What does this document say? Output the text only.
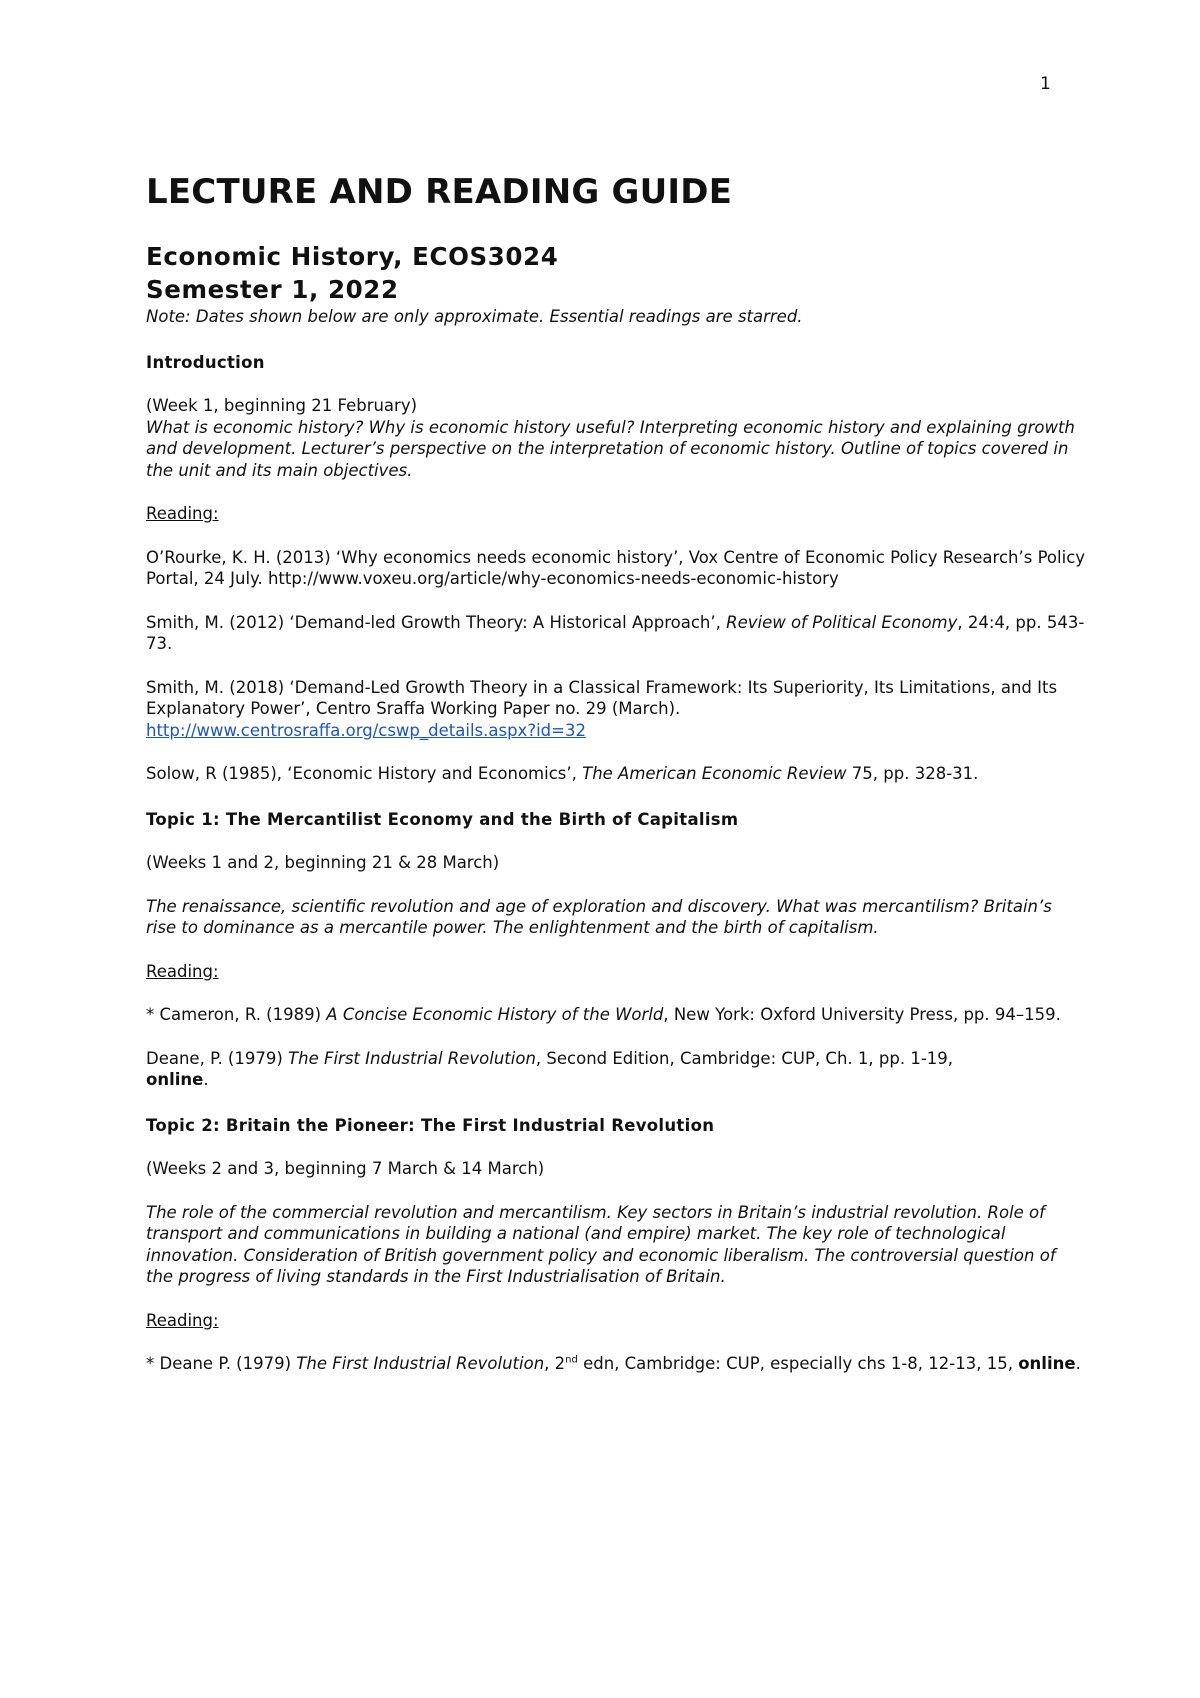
1
LECTURE AND READING GUIDE
Economic History, ECOS3024
Semester 1, 2022

Note: Dates shown below are only approximate. Essential readings are starred.

Introduction

(Week 1, beginning 21 February)

What is economic history? Why is economic history useful? Interpreting economic history and explaining growth and development. Lecturer’s perspective on the interpretation of economic history. Outline of topics covered in the unit and its main objectives.

Reading:

O’Rourke, K. H. (2013) ‘Why economics needs economic history’, Vox Centre of Economic Policy Research’s Policy Portal, 24 July. http://www.voxeu.org/article/why-economics-needs-economic-history

Smith, M. (2012) ‘Demand-led Growth Theory: A Historical Approach’, Review of Political Economy, 24:4, pp. 543-73.

Smith, M. (2018) ‘Demand-Led Growth Theory in a Classical Framework: Its Superiority, Its Limitations, and Its Explanatory Power’, Centro Sraffa Working Paper no. 29 (March).
http://www.centrosraffa.org/cswp_details.aspx?id=32

Solow, R (1985), ‘Economic History and Economics’, The American Economic Review 75, pp. 328-31.

Topic 1: The Mercantilist Economy and the Birth of Capitalism

(Weeks 1 and 2, beginning 21 & 28 March)

The renaissance, scientific revolution and age of exploration and discovery. What was mercantilism? Britain’s rise to dominance as a mercantile power. The enlightenment and the birth of capitalism.

Reading:

* Cameron, R. (1989) A Concise Economic History of the World, New York: Oxford University Press, pp. 94–159.

Deane, P. (1979) The First Industrial Revolution, Second Edition, Cambridge: CUP, Ch. 1, pp. 1-19,
online.

Topic 2: Britain the Pioneer: The First Industrial Revolution

(Weeks 2 and 3, beginning 7 March & 14 March)

The role of the commercial revolution and mercantilism. Key sectors in Britain’s industrial revolution. Role of transport and communications in building a national (and empire) market. The key role of technological innovation. Consideration of British government policy and economic liberalism. The controversial question of the progress of living standards in the First Industrialisation of Britain.

Reading:

* Deane P. (1979) The First Industrial Revolution, 2nd edn, Cambridge: CUP, especially chs 1-8, 12-13, 15, online.
